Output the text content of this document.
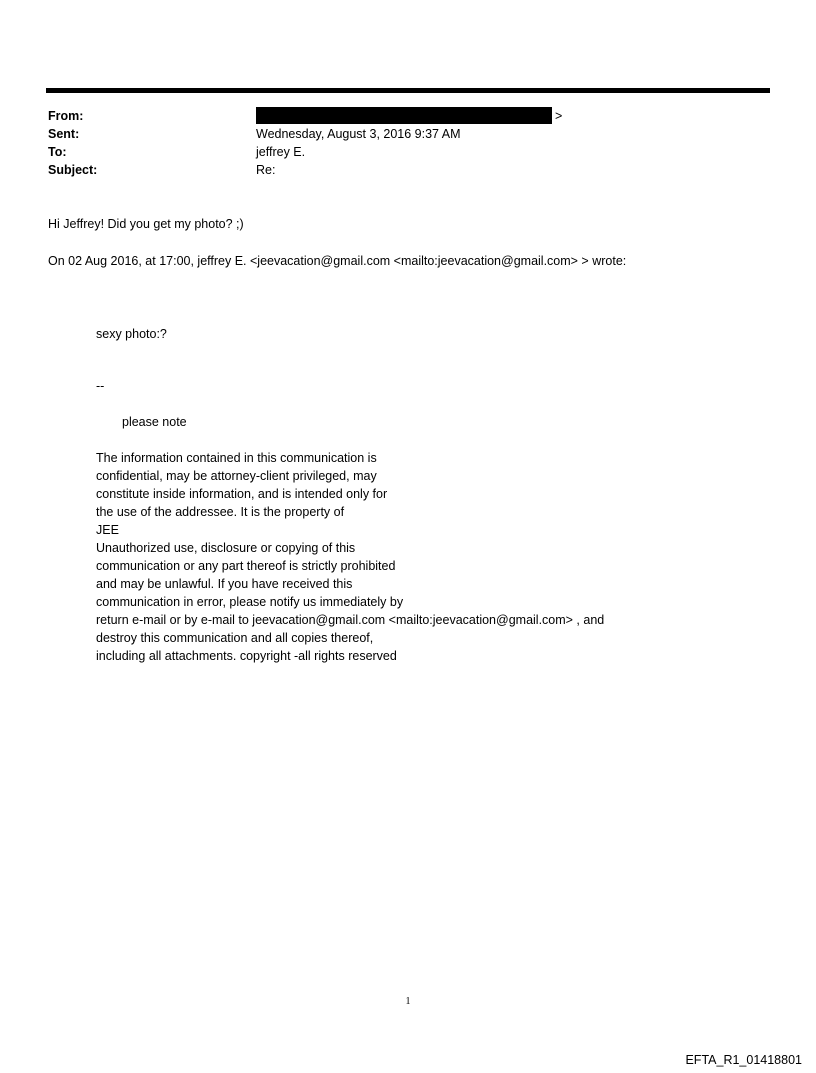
From:	>
Sent:	Wednesday, August 3, 2016 9:37 AM
To:	jeffrey E.
Subject:	Re:
Hi Jeffrey! Did you get my photo? ;)
On 02 Aug 2016, at 17:00, jeffrey E. <jeevacation@gmail.com <mailto:jeevacation@gmail.com> > wrote:
sexy photo:?
--
please note
The information contained in this communication is
confidential, may be attorney-client privileged, may
constitute inside information, and is intended only for
the use of the addressee. It is the property of
JEE
Unauthorized use, disclosure or copying of this
communication or any part thereof is strictly prohibited
and may be unlawful. If you have received this
communication in error, please notify us immediately by
return e-mail or by e-mail to jeevacation@gmail.com <mailto:jeevacation@gmail.com> , and
destroy this communication and all copies thereof,
including all attachments. copyright -all rights reserved
1
EFTA_R1_01418801
